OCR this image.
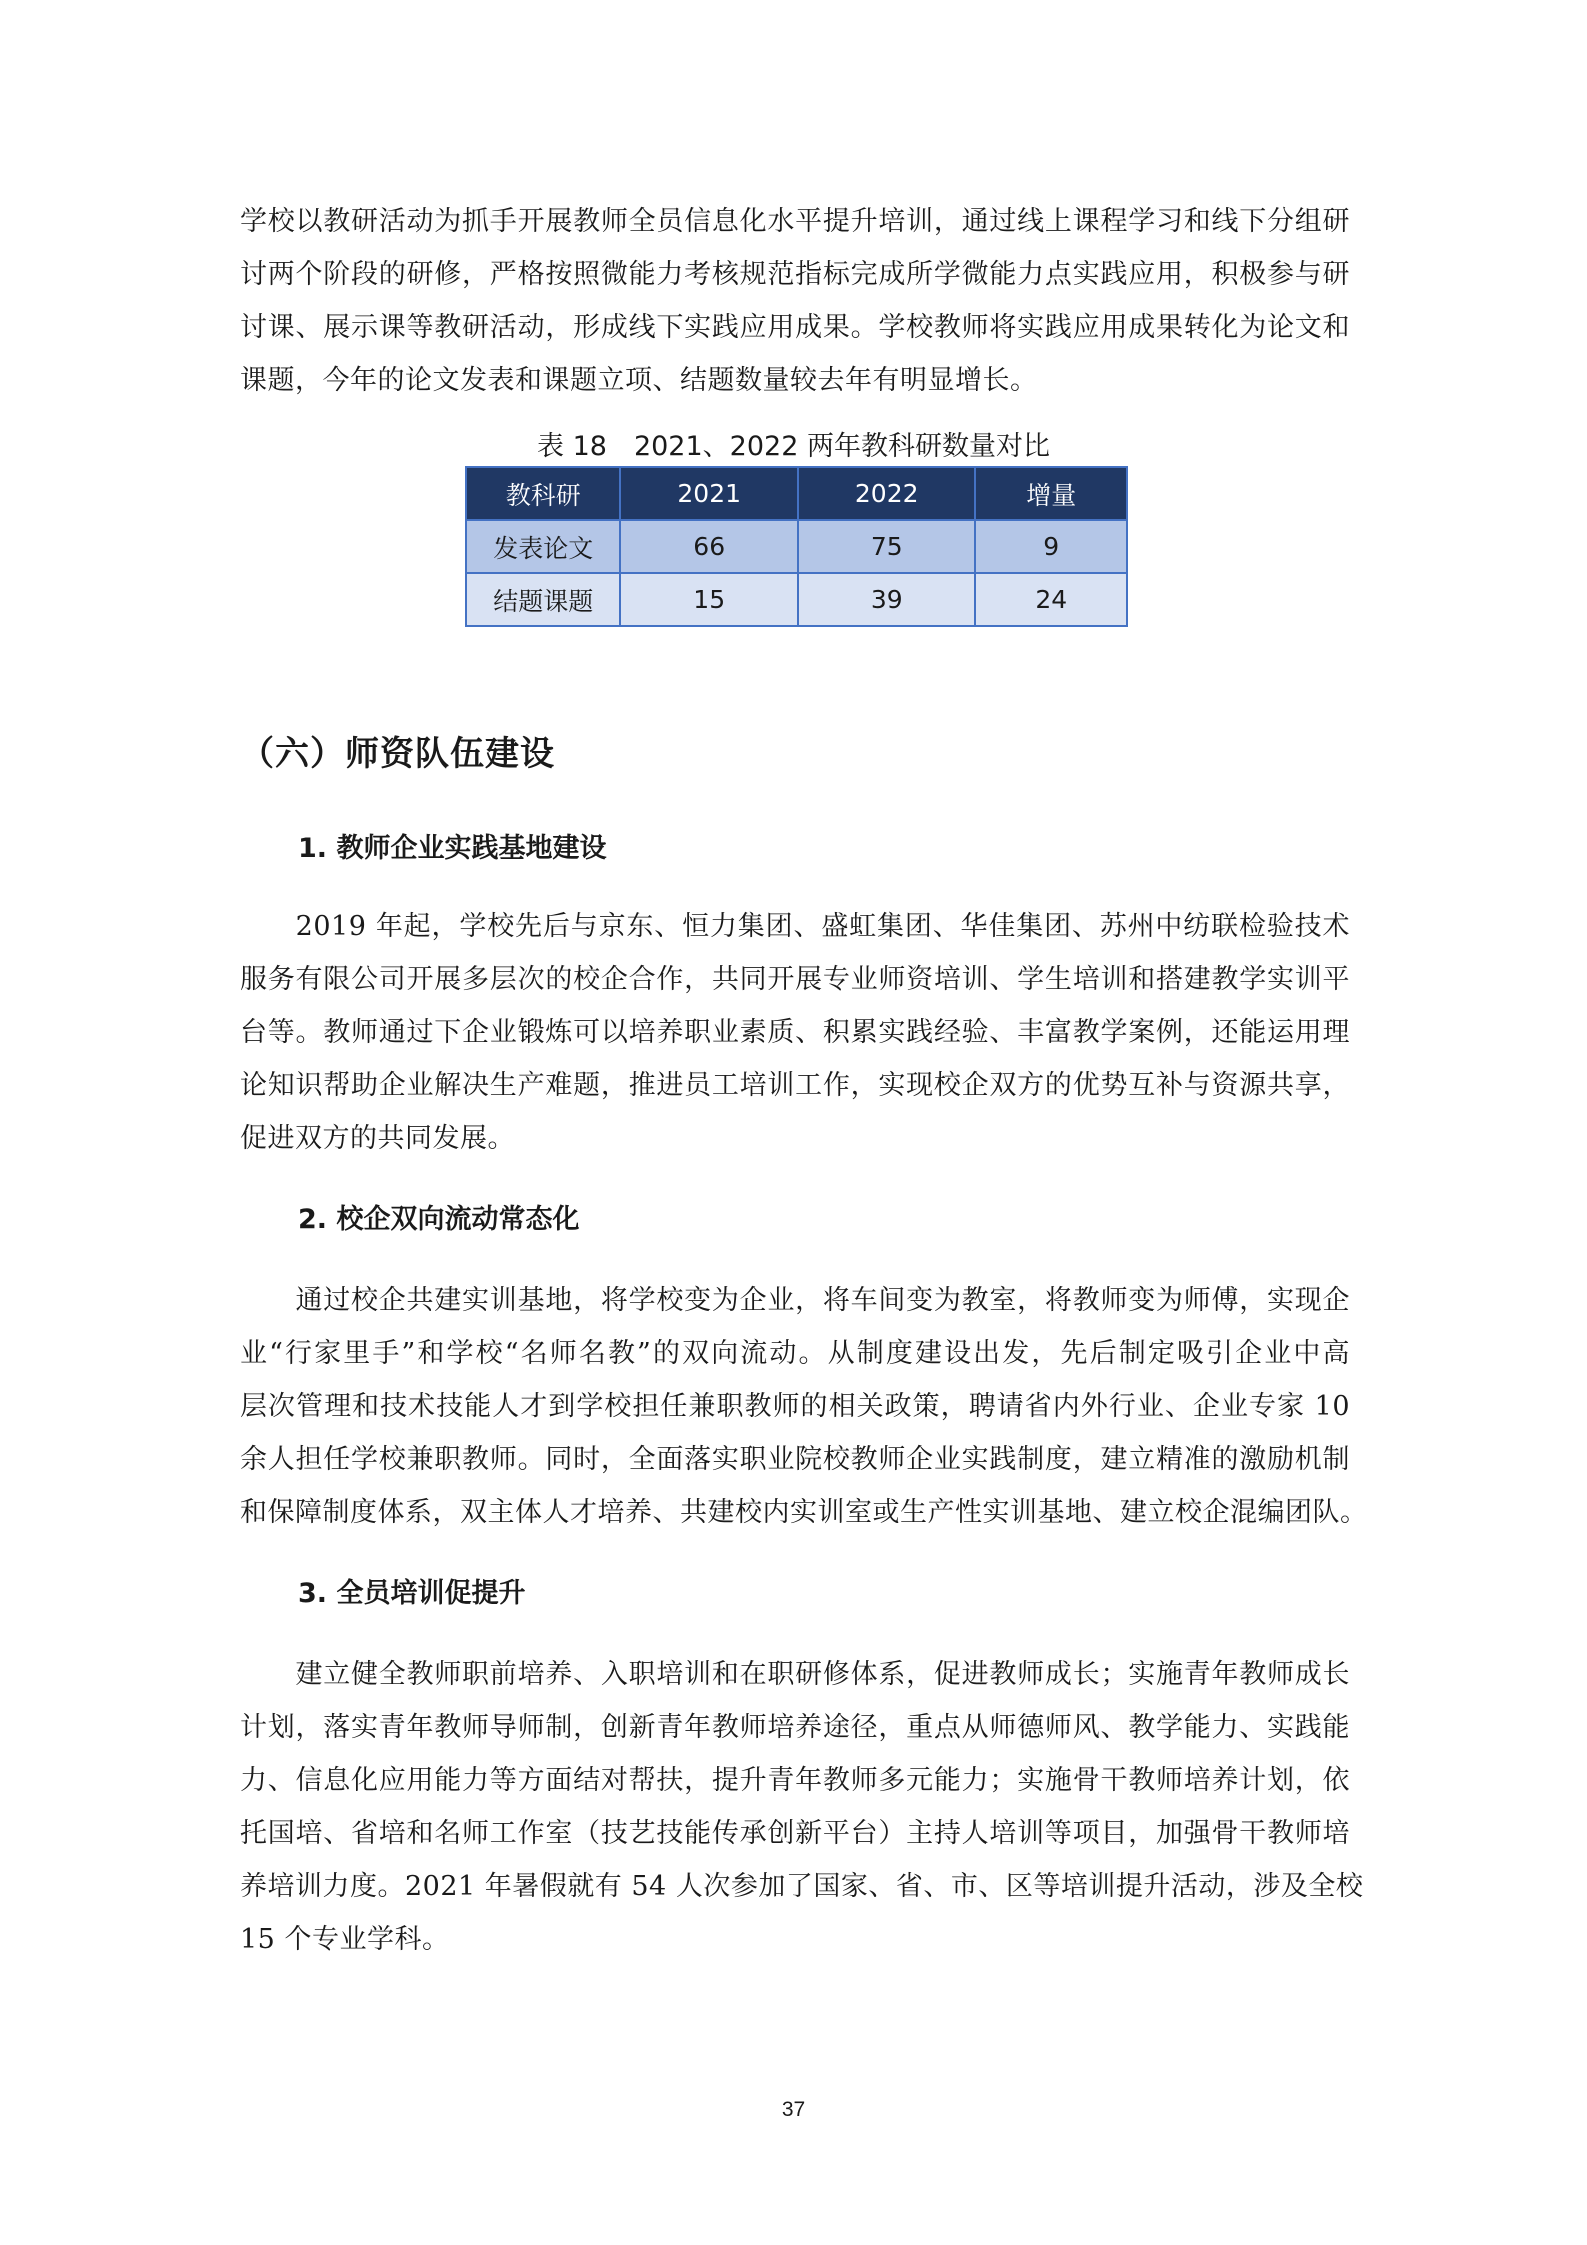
学校以教研活动为抓手开展教师全员信息化水平提升培训，通过线上课程学习和线下分组研
讨两个阶段的研修，严格按照微能力考核规范指标完成所学微能力点实践应用，积极参与研
讨课、展示课等教研活动，形成线下实践应用成果。学校教师将实践应用成果转化为论文和
课题，今年的论文发表和课题立项、结题数量较去年有明显增长。
表 18　2021、2022 两年教科研数量对比
教科研	2021	2022	增量
发表论文	66	75	9
结题课题	15	39	24
（六）师资队伍建设
1. 教师企业实践基地建设
　　2019 年起，学校先后与京东、恒力集团、盛虹集团、华佳集团、苏州中纺联检验技术
服务有限公司开展多层次的校企合作，共同开展专业师资培训、学生培训和搭建教学实训平
台等。教师通过下企业锻炼可以培养职业素质、积累实践经验、丰富教学案例，还能运用理
论知识帮助企业解决生产难题，推进员工培训工作，实现校企双方的优势互补与资源共享，
促进双方的共同发展。
2. 校企双向流动常态化
　　通过校企共建实训基地，将学校变为企业，将车间变为教室，将教师变为师傅，实现企
业“行家里手”和学校“名师名教”的双向流动。从制度建设出发，先后制定吸引企业中高
层次管理和技术技能人才到学校担任兼职教师的相关政策，聘请省内外行业、企业专家 10
余人担任学校兼职教师。同时，全面落实职业院校教师企业实践制度，建立精准的激励机制
和保障制度体系，双主体人才培养、共建校内实训室或生产性实训基地、建立校企混编团队。
3. 全员培训促提升
　　建立健全教师职前培养、入职培训和在职研修体系，促进教师成长；实施青年教师成长
计划，落实青年教师导师制，创新青年教师培养途径，重点从师德师风、教学能力、实践能
力、信息化应用能力等方面结对帮扶，提升青年教师多元能力；实施骨干教师培养计划，依
托国培、省培和名师工作室（技艺技能传承创新平台）主持人培训等项目，加强骨干教师培
养培训力度。2021 年暑假就有 54 人次参加了国家、省、市、区等培训提升活动，涉及全校
15 个专业学科。
37
